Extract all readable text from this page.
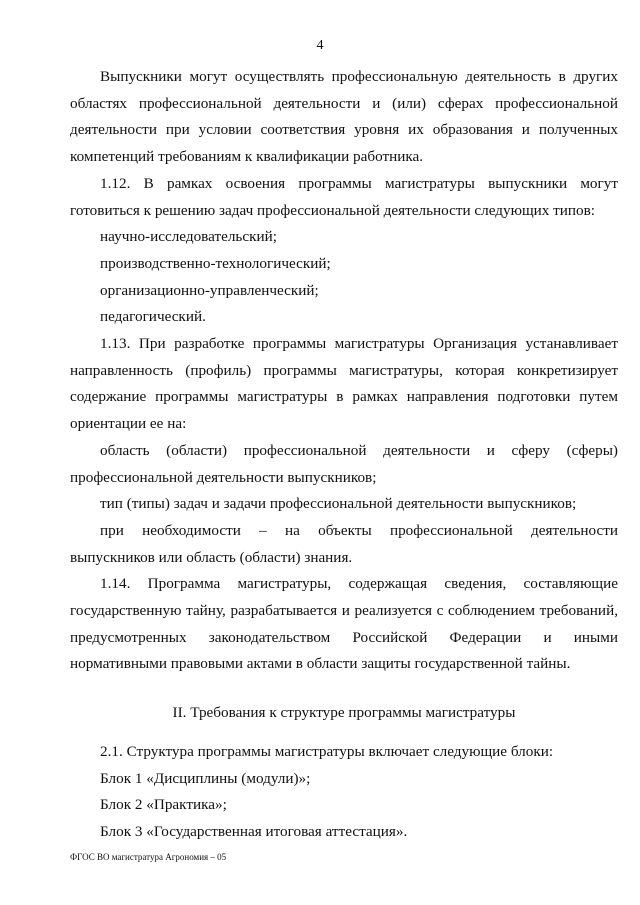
4

Выпускники могут осуществлять профессиональную деятельность в других областях профессиональной деятельности и (или) сферах профессиональной деятельности при условии соответствия уровня их образования и полученных компетенций требованиям к квалификации работника.

1.12. В рамках освоения программы магистратуры выпускники могут готовиться к решению задач профессиональной деятельности следующих типов:

научно-исследовательский;

производственно-технологический;

организационно-управленческий;

педагогический.

1.13. При разработке программы магистратуры Организация устанавливает направленность (профиль) программы магистратуры, которая конкретизирует содержание программы магистратуры в рамках направления подготовки путем ориентации ее на:

область (области) профессиональной деятельности и сферу (сферы) профессиональной деятельности выпускников;

тип (типы) задач и задачи профессиональной деятельности выпускников;

при необходимости – на объекты профессиональной деятельности выпускников или область (области) знания.

1.14. Программа магистратуры, содержащая сведения, составляющие государственную тайну, разрабатывается и реализуется с соблюдением требований, предусмотренных законодательством Российской Федерации и иными нормативными правовыми актами в области защиты государственной тайны.

II. Требования к структуре программы магистратуры

2.1. Структура программы магистратуры включает следующие блоки:

Блок 1 «Дисциплины (модули)»;

Блок 2 «Практика»;

Блок 3 «Государственная итоговая аттестация».

ФГОС ВО магистратура Агрономия – 05
